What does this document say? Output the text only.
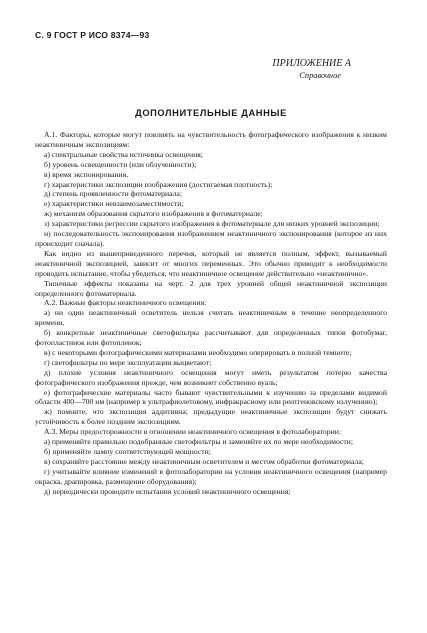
С. 9 ГОСТ Р ИСО 8374—93
ПРИЛОЖЕНИЕ А
Справочное
ДОПОЛНИТЕЛЬНЫЕ ДАННЫЕ

А.1. Факторы, которые могут повлиять на чувствительность фотографического изображения к низким неактиничным экспозициям:

а) спектральные свойства источника освещения;

б) уровень освещенности (или облученности);

в) время экспонирования,

г) характеристики экспозиции изображения (достигаемая плотность);

д) степень проявленности фотоматериала;

е) характеристики невзаимозаместимости;

ж) механизм образования скрытого изображения в фотоматериале;

з) характеристики регрессии скрытого изображения в фотоматериале для низких уровней экспозиции;

и) последовательность экспонирования изображением неактиничного экспонирования (которое из них происходит сначала).

Как видно из вышеприведенного перечня, который не является полным, эффект, вызываемый неактиничной экспозицией, зависит от многих переменных. Это обычно приводит к необходимости проводить испытание, чтобы убедиться, что неактиничное освещение действительно «неактинично».

Типичные эффекты показаны на черт. 2 для трех уровней общей неактиничной экспозиции определенного фотоматериала.

А.2. Важные факторы неактиничного освещения:

а) ни один неактиничный осветитель нельзя считать неактиничным в течение неопределенного времени,

б) конкретные неактиничные светофильтры рассчитывают для определенных типов фотобумаг, фотопластинок или фотопленок;

в) с некоторыми фотографическими материалами необходимо оперировать в полной темноте;

г) светофильтры по мере эксплуатации выцветают;

д) плохие условия неактиничного освещения могут иметь результатом потерю качества фотографического изображения прежде, чем возникнет собственно вуаль;

е) фотографические материалы часто бывают чувствительными к изучению за пределами видимой области 400—700 нм (например к ультрафиолетовому, инфракрасному или рентгеновскому излучению);

ж) помните, что экспозиция аддитивна; предыдущие неактиничные экспозиции будут снижать устойчивость к более поздним экспозициям.

А.3. Меры предосторожности в отношении неактиничного освещения в фотолаборатории:

а) применяйте правильно подобранные светофильтры и заменяйте их по мере необходимости;

б) применяйте лампу соответствующей мощности;

в) сохраняйте расстояние между неактиничным осветителем и местом обработки фотоматериала;

г) учитывайте влияние изменений в фотолаборатории на условия неактиничного освещения (например окраска, драпировка, размещение оборудования);

д) периодически проводите испытания условий неактиничного освещения;
